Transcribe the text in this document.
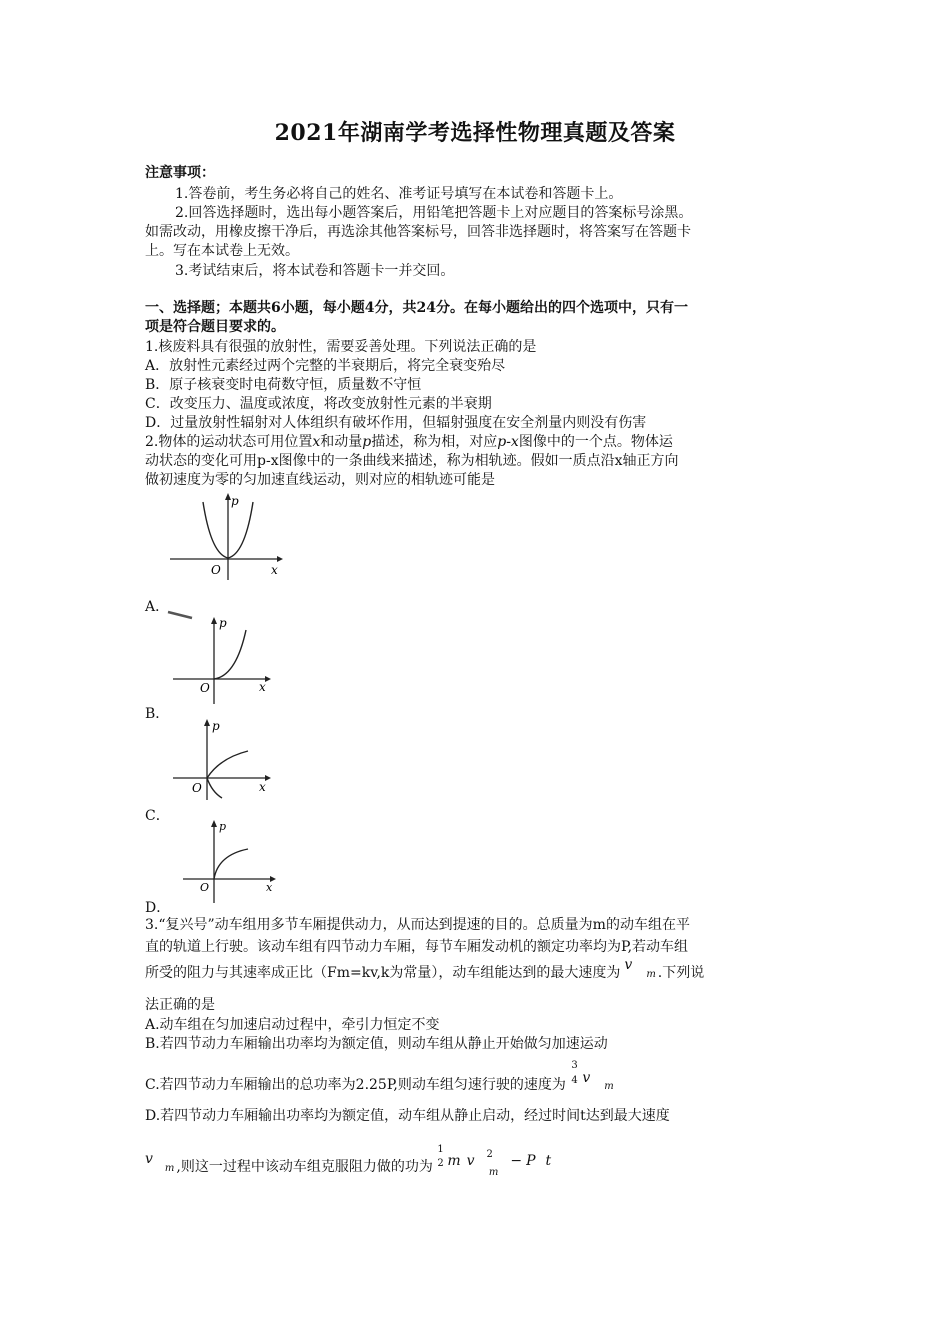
2021年湖南学考选择性物理真题及答案
注意事项：
1.答卷前，考生务必将自己的姓名、准考证号填写在本试卷和答题卡上。
2.回答选择题时，选出每小题答案后，用铅笔把答题卡上对应题目的答案标号涂黑。
如需改动，用橡皮擦干净后，再选涂其他答案标号，回答非选择题时，将答案写在答题卡
上。写在本试卷上无效。
3.考试结束后，将本试卷和答题卡一并交回。
一、选择题；本题共6小题，每小题4分，共24分。在每小题给出的四个选项中，只有一
项是符合题目要求的。
1.核废料具有很强的放射性，需要妥善处理。下列说法正确的是
A．放射性元素经过两个完整的半衰期后，将完全衰变殆尽
B．原子核衰变时电荷数守恒，质量数不守恒
C．改变压力、温度或浓度，将改变放射性元素的半衰期
D．过量放射性辐射对人体组织有破坏作用，但辐射强度在安全剂量内则没有伤害
2.物体的运动状态可用位置x和动量p描述，称为相，对应p-x图像中的一个点。物体运
动状态的变化可用p-x图像中的一条曲线来描述，称为相轨迹。假如一质点沿x轴正方向
做初速度为零的匀加速直线运动，则对应的相轨迹可能是
p
x
O
A．
p
x
O
B．
p
x
O
C．
p
x
O
D．
3.“复兴号”动车组用多节车厢提供动力，从而达到提速的目的。总质量为m的动车组在平
直的轨道上行驶。该动车组有四节动力车厢，每节车厢发动机的额定功率均为P,若动车组
所受的阻力与其速率成正比（Fm=kv,k为常量），动车组能达到的最大速度为 vm .下列说
法正确的是
A.动车组在匀加速启动过程中，牵引力恒定不变
B.若四节动力车厢输出功率均为额定值，则动车组从静止开始做匀加速运动
C.若四节动力车厢输出的总功率为2.25P,则动车组匀速行驶的速度为
3
4 vm
D.若四节动力车厢输出功率均为额定值，动车组从静止启动，经过时间t达到最大速度
vm ,则这一过程中该动车组克服阻力做的功为
1
2 m v $^2_m$− P t
